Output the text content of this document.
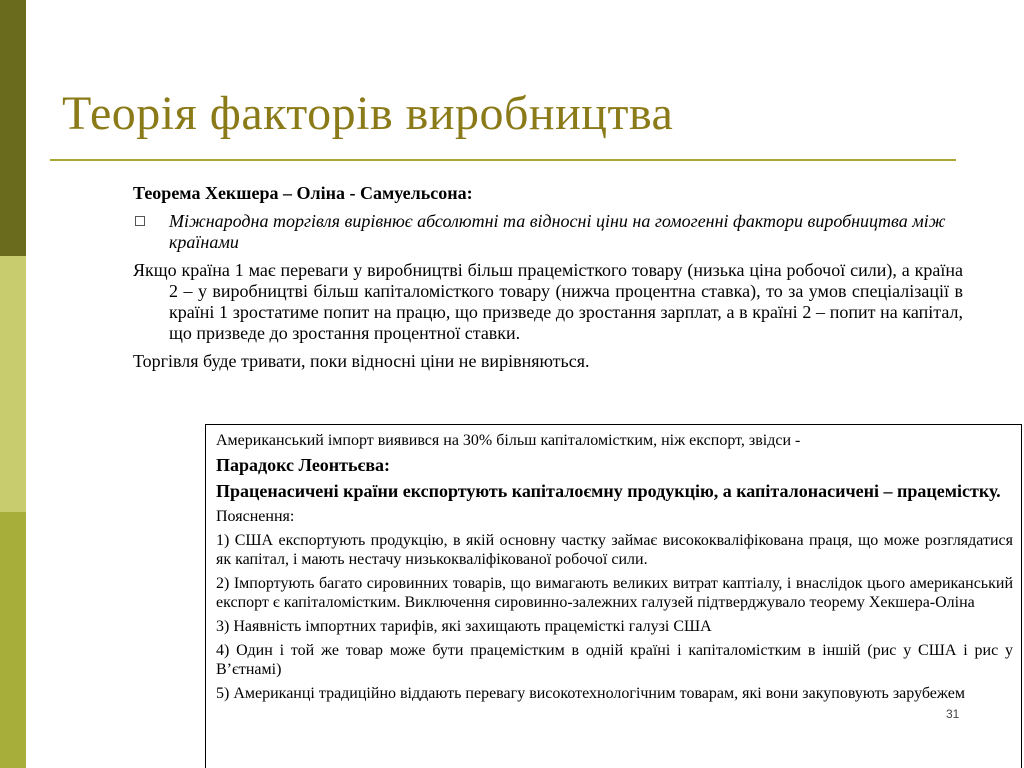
Теорія факторів виробництва
Теорема Хекшера – Оліна - Самуельсона:
Міжнародна торгівля вирівнює абсолютні та відносні ціни на гомогенні фактори виробництва між країнами
Якщо країна 1 має переваги у виробництві більш працемісткого товару (низька ціна робочої сили), а країна 2 – у виробництві більш капіталомісткого товару (нижча процентна ставка), то за умов спеціалізації в країні 1 зростатиме попит на працю, що призведе до зростання зарплат, а в країні 2 – попит на капітал, що призведе до зростання процентної ставки.
Торгівля буде тривати, поки відносні ціни не вирівняються.

Американський імпорт виявився на 30% більш капіталомістким, ніж експорт, звідси -

Парадокс Леонтьєва:

Праценасичені країни експортують капіталоємну продукцію, а капіталонасичені – працемістку.

Пояснення:

1) США експортують продукцію, в якій основну частку займає висококваліфікована праця, що може розглядатися як капітал, і мають нестачу низькокваліфікованої робочої сили.

2) Імпортують багато сировинних товарів, що вимагають великих витрат каптіалу, і внаслідок цього американський експорт є капіталомістким. Виключення сировинно-залежних галузей підтверджувало теорему Хекшера-Оліна

3) Наявність імпортних тарифів, які захищають працемісткі галузі США

4) Один і той же товар може бути працемістким в одній країні і капіталомістким в іншій (рис у США і рис у В’єтнамі)

5) Американці традиційно віддають перевагу високотехнологічним товарам, які вони закуповують зарубежем

31
